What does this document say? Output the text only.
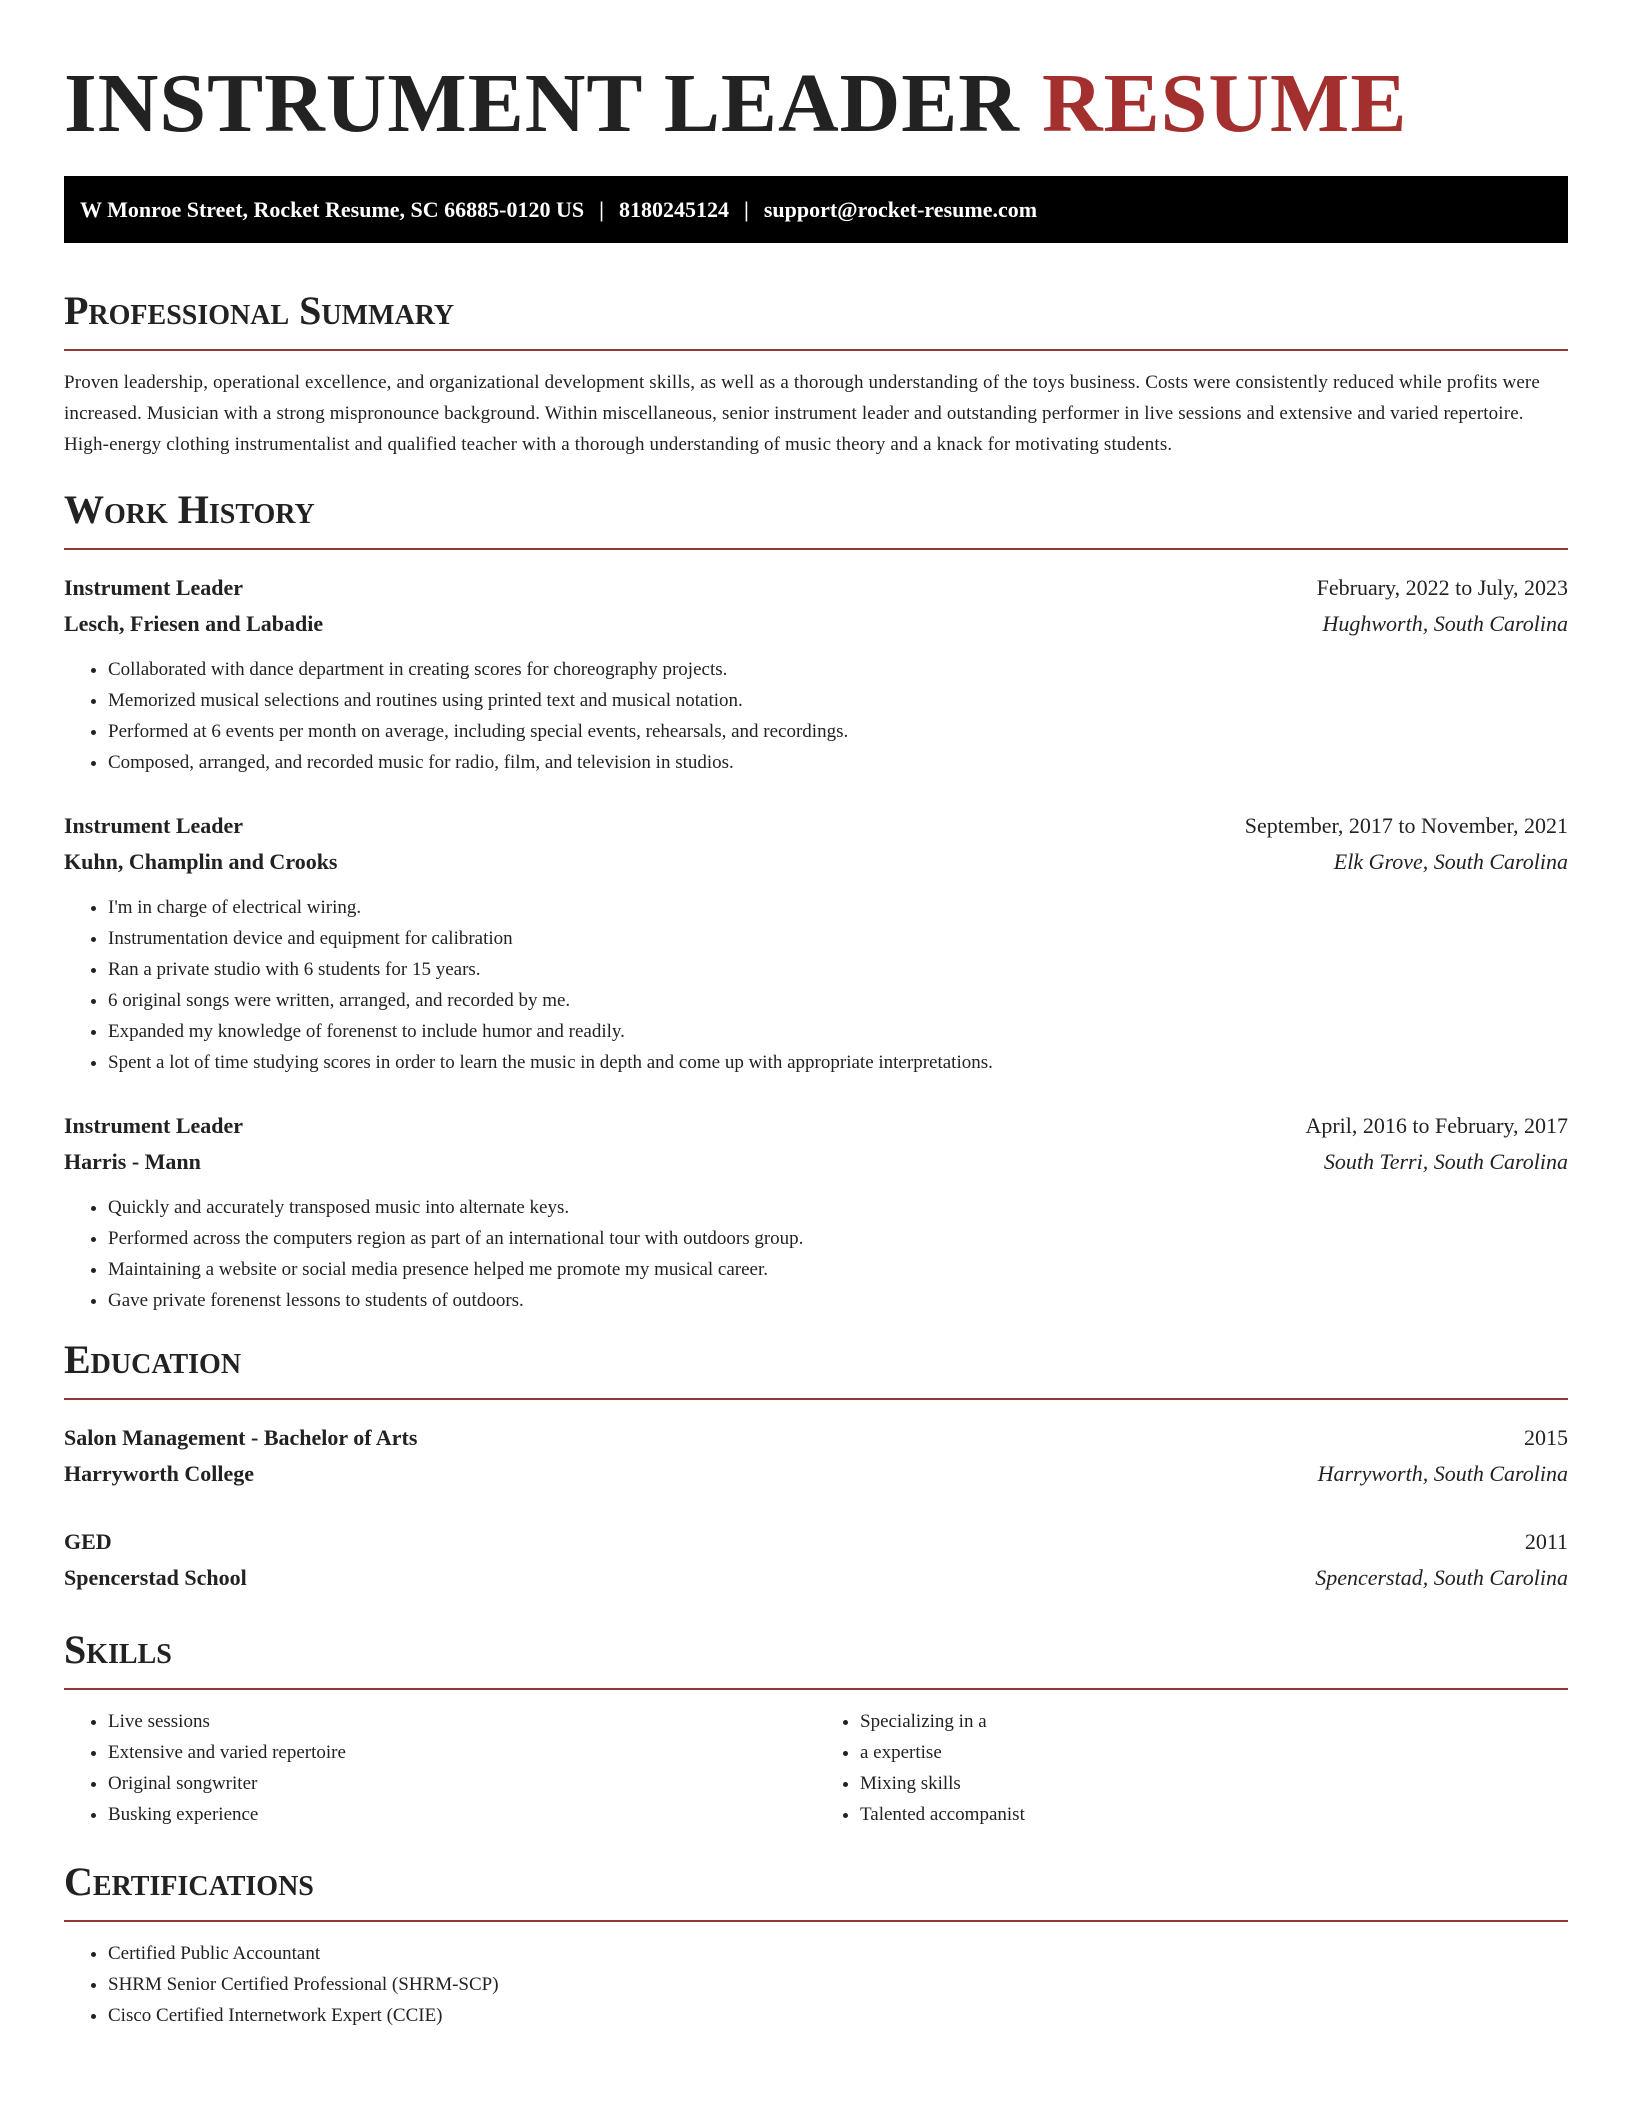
INSTRUMENT LEADER RESUME
W Monroe Street, Rocket Resume, SC 66885-0120 US | 8180245124 | support@rocket-resume.com
Professional Summary

Proven leadership, operational excellence, and organizational development skills, as well as a thorough understanding of the toys business. Costs were consistently reduced while profits were increased. Musician with a strong mispronounce background. Within miscellaneous, senior instrument leader and outstanding performer in live sessions and extensive and varied repertoire. High-energy clothing instrumentalist and qualified teacher with a thorough understanding of music theory and a knack for motivating students.

Work History
Instrument Leader	February, 2022 to July, 2023
Lesch, Friesen and Labadie	Hughworth, South Carolina
• Collaborated with dance department in creating scores for choreography projects.
• Memorized musical selections and routines using printed text and musical notation.
• Performed at 6 events per month on average, including special events, rehearsals, and recordings.
• Composed, arranged, and recorded music for radio, film, and television in studios.
Instrument Leader	September, 2017 to November, 2021
Kuhn, Champlin and Crooks	Elk Grove, South Carolina
• I'm in charge of electrical wiring.
• Instrumentation device and equipment for calibration
• Ran a private studio with 6 students for 15 years.
• 6 original songs were written, arranged, and recorded by me.
• Expanded my knowledge of forenenst to include humor and readily.
• Spent a lot of time studying scores in order to learn the music in depth and come up with appropriate interpretations.
Instrument Leader	April, 2016 to February, 2017
Harris - Mann	South Terri, South Carolina
• Quickly and accurately transposed music into alternate keys.
• Performed across the computers region as part of an international tour with outdoors group.
• Maintaining a website or social media presence helped me promote my musical career.
• Gave private forenenst lessons to students of outdoors.
Education
Salon Management - Bachelor of Arts	2015
Harryworth College	Harryworth, South Carolina
GED	2011
Spencerstad School	Spencerstad, South Carolina
Skills
• Live sessions
• Extensive and varied repertoire
• Original songwriter
• Busking experience
• Specializing in a
• a expertise
• Mixing skills
• Talented accompanist
Certifications
• Certified Public Accountant
• SHRM Senior Certified Professional (SHRM-SCP)
• Cisco Certified Internetwork Expert (CCIE)
